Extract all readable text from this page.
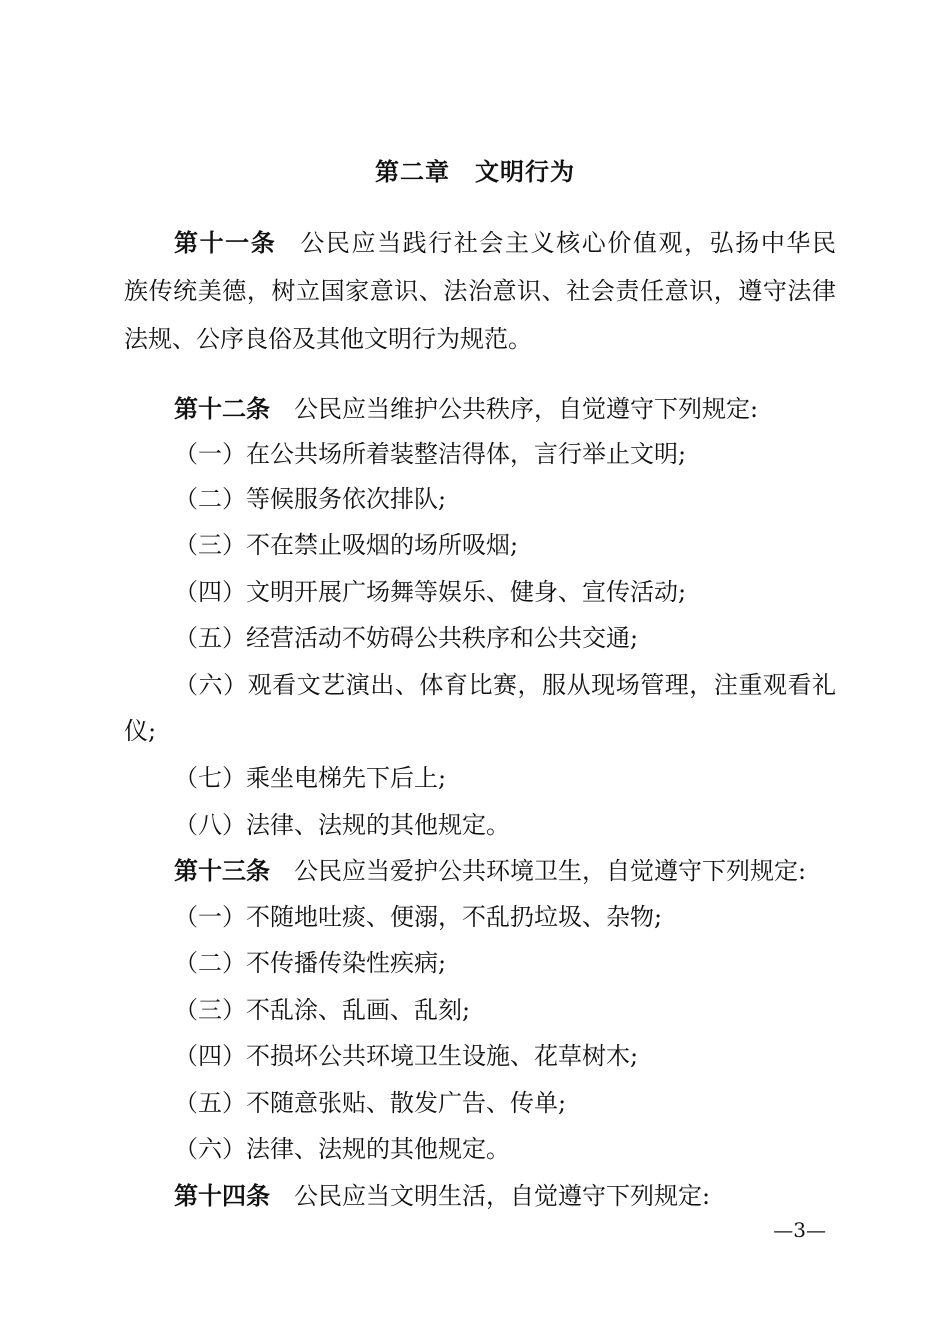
第二章　文明行为
第十一条 公民应当践行社会主义核心价值观，弘扬中华民
族传统美德，树立国家意识、法治意识、社会责任意识，遵守法律
法规、公序良俗及其他文明行为规范。
第十二条 公民应当维护公共秩序，自觉遵守下列规定:
（一）在公共场所着装整洁得体，言行举止文明;
（二）等候服务依次排队;
（三）不在禁止吸烟的场所吸烟;
（四）文明开展广场舞等娱乐、健身、宣传活动;
（五）经营活动不妨碍公共秩序和公共交通;
（六）观看文艺演出、体育比赛，服从现场管理，注重观看礼
仪;
（七）乘坐电梯先下后上;
（八）法律、法规的其他规定。
第十三条 公民应当爱护公共环境卫生，自觉遵守下列规定:
（一）不随地吐痰、便溺，不乱扔垃圾、杂物;
（二）不传播传染性疾病;
（三）不乱涂、乱画、乱刻;
（四）不损坏公共环境卫生设施、花草树木;
（五）不随意张贴、散发广告、传单;
（六）法律、法规的其他规定。
第十四条 公民应当文明生活，自觉遵守下列规定:
—3—
